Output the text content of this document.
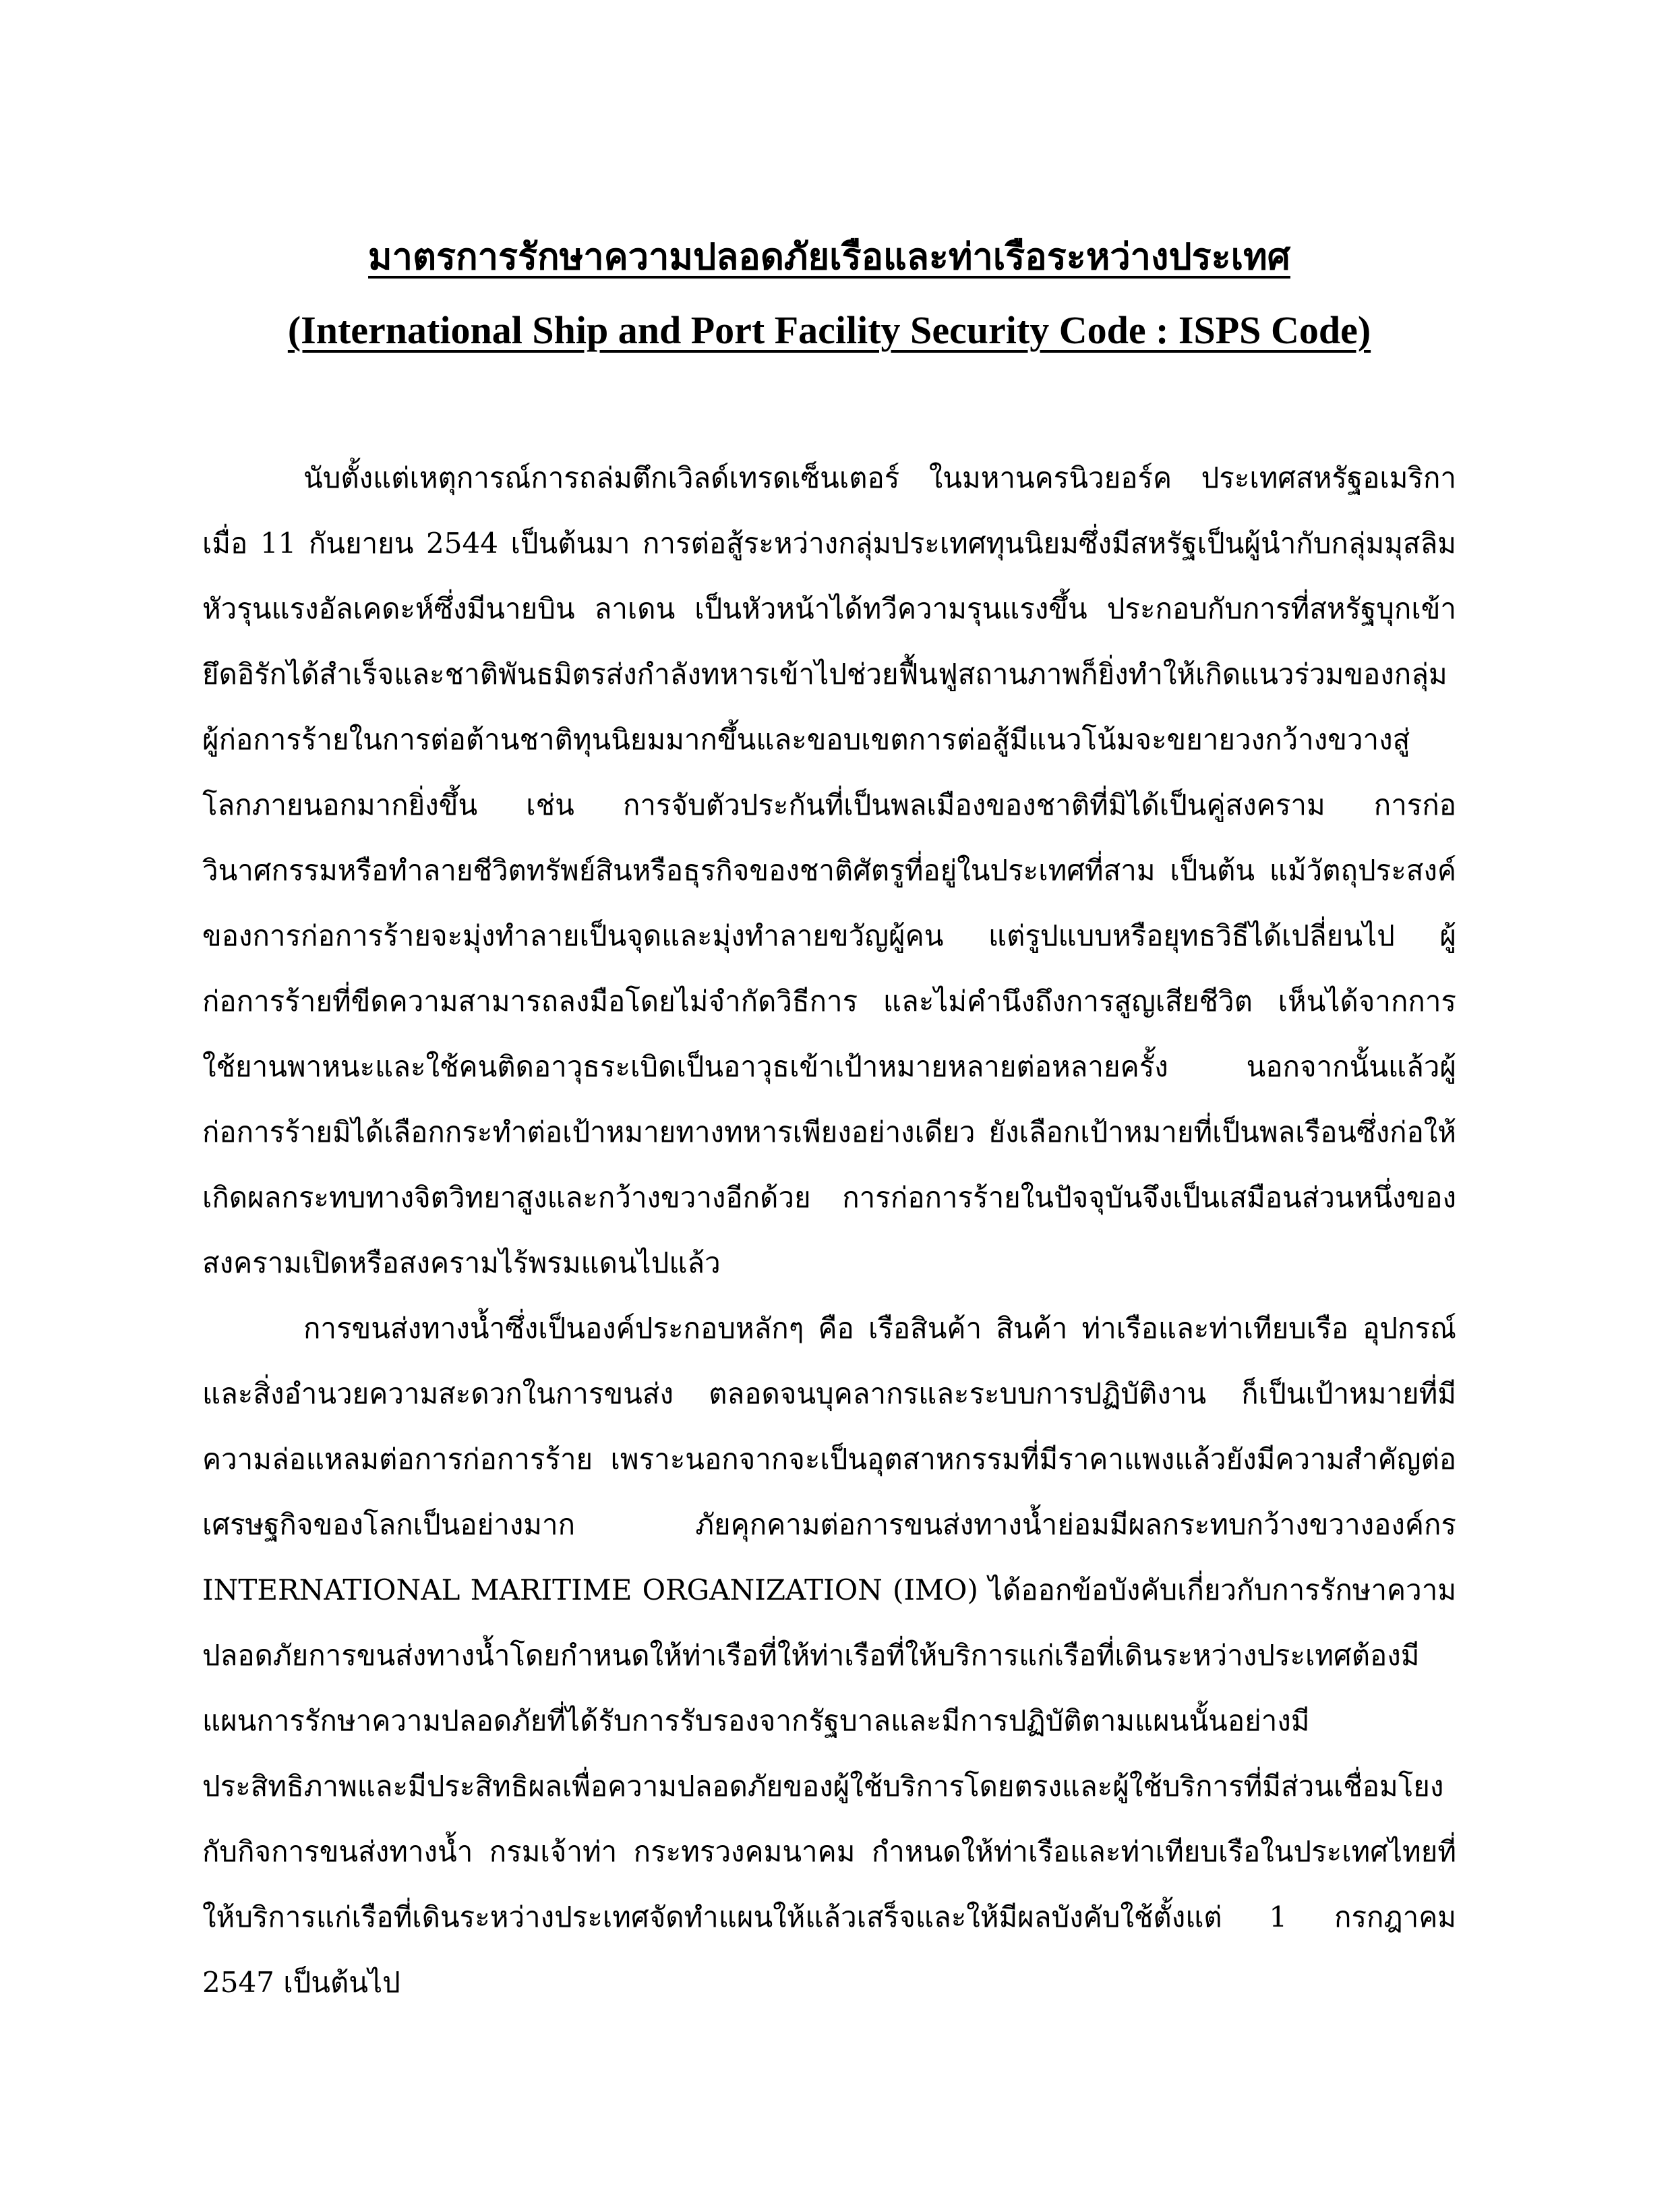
มาตรการรักษาความปลอดภัยเรือและท่าเรือระหว่างประเทศ
(International Ship and Port Facility Security Code : ISPS Code)

นับตั้งแต่เหตุการณ์การถล่มตึกเวิลด์เทรดเซ็นเตอร์ ในมหานครนิวยอร์ค ประเทศสหรัฐอเมริกา เมื่อ 11 กันยายน 2544 เป็นต้นมา การต่อสู้ระหว่างกลุ่มประเทศทุนนิยมซึ่งมีสหรัฐเป็นผู้นำกับกลุ่มมุสลิมหัวรุนแรงอัลเคดะห์ซึ่งมีนายบิน ลาเดน เป็นหัวหน้าได้ทวีความรุนแรงขึ้น ประกอบกับการที่สหรัฐบุกเข้ายึดอิรักได้สำเร็จและชาติพันธมิตรส่งกำลังทหารเข้าไปช่วยฟื้นฟูสถานภาพก็ยิ่งทำให้เกิดแนวร่วมของกลุ่มผู้ก่อการร้ายในการต่อต้านชาติทุนนิยมมากขึ้นและขอบเขตการต่อสู้มีแนวโน้มจะขยายวงกว้างขวางสู่โลกภายนอกมากยิ่งขึ้น เช่น การจับตัวประกันที่เป็นพลเมืองของชาติที่มิได้เป็นคู่สงคราม การก่อวินาศกรรมหรือทำลายชีวิตทรัพย์สินหรือธุรกิจของชาติศัตรูที่อยู่ในประเทศที่สาม เป็นต้น แม้วัตถุประสงค์ของการก่อการร้ายจะมุ่งทำลายเป็นจุดและมุ่งทำลายขวัญผู้คน แต่รูปแบบหรือยุทธวิธีได้เปลี่ยนไป ผู้ก่อการร้ายที่ขีดความสามารถลงมือโดยไม่จำกัดวิธีการ และไม่คำนึงถึงการสูญเสียชีวิต เห็นได้จากการใช้ยานพาหนะและใช้คนติดอาวุธระเบิดเป็นอาวุธเข้าเป้าหมายหลายต่อหลายครั้ง นอกจากนั้นแล้วผู้ก่อการร้ายมิได้เลือกกระทำต่อเป้าหมายทางทหารเพียงอย่างเดียว ยังเลือกเป้าหมายที่เป็นพลเรือนซึ่งก่อให้เกิดผลกระทบทางจิตวิทยาสูงและกว้างขวางอีกด้วย การก่อการร้ายในปัจจุบันจึงเป็นเสมือนส่วนหนึ่งของสงครามเปิดหรือสงครามไร้พรมแดนไปแล้ว

การขนส่งทางน้ำซึ่งเป็นองค์ประกอบหลักๆ คือ เรือสินค้า สินค้า ท่าเรือและท่าเทียบเรือ อุปกรณ์และสิ่งอำนวยความสะดวกในการขนส่ง ตลอดจนบุคลากรและระบบการปฏิบัติงาน ก็เป็นเป้าหมายที่มีความล่อแหลมต่อการก่อการร้าย เพราะนอกจากจะเป็นอุตสาหกรรมที่มีราคาแพงแล้วยังมีความสำคัญต่อเศรษฐกิจของโลกเป็นอย่างมาก ภัยคุกคามต่อการขนส่งทางน้ำย่อมมีผลกระทบกว้างขวางองค์กร INTERNATIONAL MARITIME ORGANIZATION (IMO) ได้ออกข้อบังคับเกี่ยวกับการรักษาความปลอดภัยการขนส่งทางน้ำโดยกำหนดให้ท่าเรือที่ให้ท่าเรือที่ให้บริการแก่เรือที่เดินระหว่างประเทศต้องมีแผนการรักษาความปลอดภัยที่ได้รับการรับรองจากรัฐบาลและมีการปฏิบัติตามแผนนั้นอย่างมีประสิทธิภาพและมีประสิทธิผลเพื่อความปลอดภัยของผู้ใช้บริการโดยตรงและผู้ใช้บริการที่มีส่วนเชื่อมโยงกับกิจการขนส่งทางน้ำ กรมเจ้าท่า กระทรวงคมนาคม กำหนดให้ท่าเรือและท่าเทียบเรือในประเทศไทยที่ให้บริการแก่เรือที่เดินระหว่างประเทศจัดทำแผนให้แล้วเสร็จและให้มีผลบังคับใช้ตั้งแต่ 1 กรกฎาคม 2547 เป็นต้นไป
